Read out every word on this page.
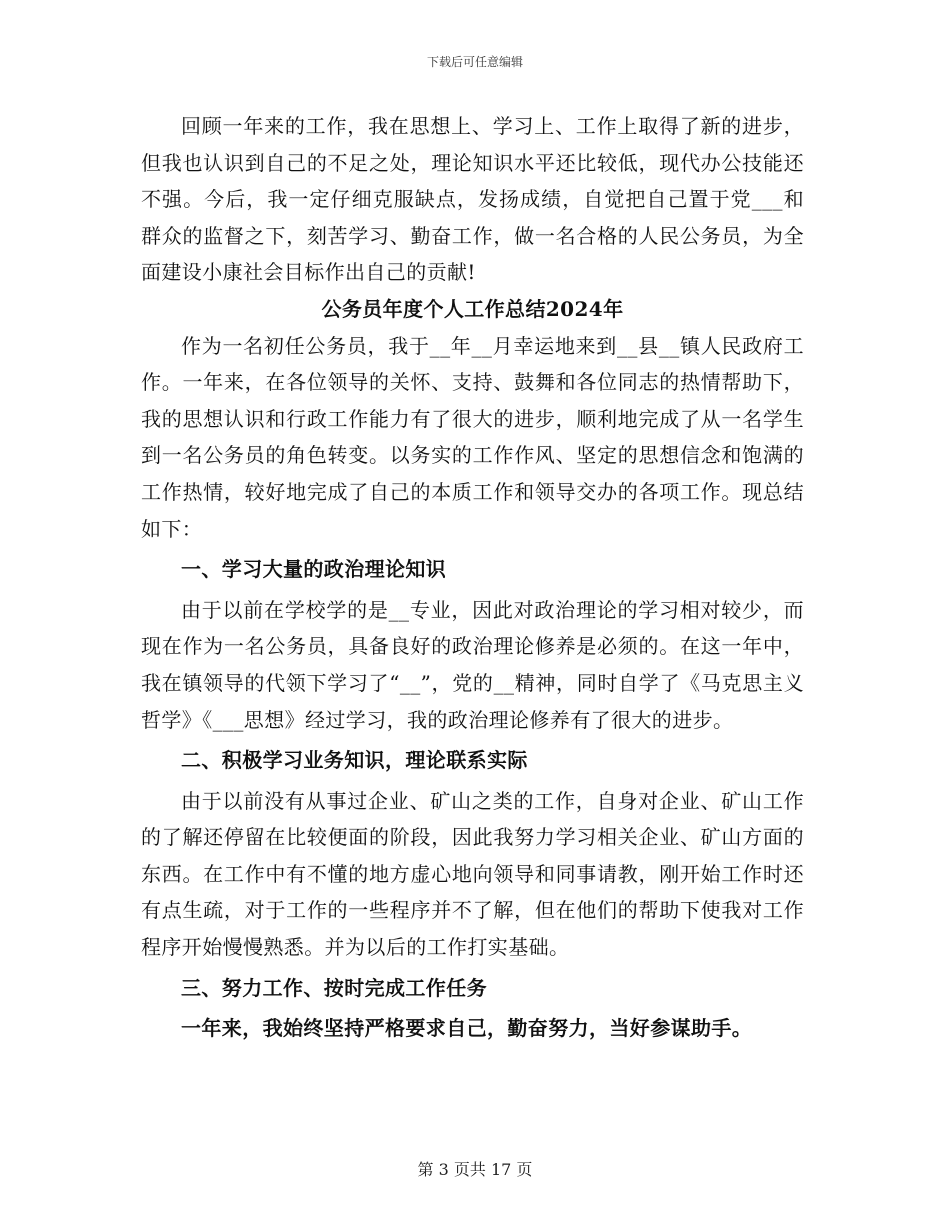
下载后可任意编辑

回顾一年来的工作，我在思想上、学习上、工作上取得了新的进步，但我也认识到自己的不足之处，理论知识水平还比较低，现代办公技能还不强。今后，我一定仔细克服缺点，发扬成绩，自觉把自己置于党___和群众的监督之下，刻苦学习、勤奋工作，做一名合格的人民公务员，为全面建设小康社会目标作出自己的贡献!

公务员年度个人工作总结2024年

作为一名初任公务员，我于__年__月幸运地来到__县__镇人民政府工作。一年来，在各位领导的关怀、支持、鼓舞和各位同志的热情帮助下，我的思想认识和行政工作能力有了很大的进步，顺利地完成了从一名学生到一名公务员的角色转变。以务实的工作作风、坚定的思想信念和饱满的工作热情，较好地完成了自己的本质工作和领导交办的各项工作。现总结如下：

一、学习大量的政治理论知识

由于以前在学校学的是__专业，因此对政治理论的学习相对较少，而现在作为一名公务员，具备良好的政治理论修养是必须的。在这一年中，我在镇领导的代领下学习了“__”，党的__精神，同时自学了《马克思主义哲学》《___思想》经过学习，我的政治理论修养有了很大的进步。

二、积极学习业务知识，理论联系实际

由于以前没有从事过企业、矿山之类的工作，自身对企业、矿山工作的了解还停留在比较便面的阶段，因此我努力学习相关企业、矿山方面的东西。在工作中有不懂的地方虚心地向领导和同事请教，刚开始工作时还有点生疏，对于工作的一些程序并不了解，但在他们的帮助下使我对工作程序开始慢慢熟悉。并为以后的工作打实基础。

三、努力工作、按时完成工作任务

一年来，我始终坚持严格要求自己，勤奋努力，当好参谋助手。

第 3 页共 17 页
